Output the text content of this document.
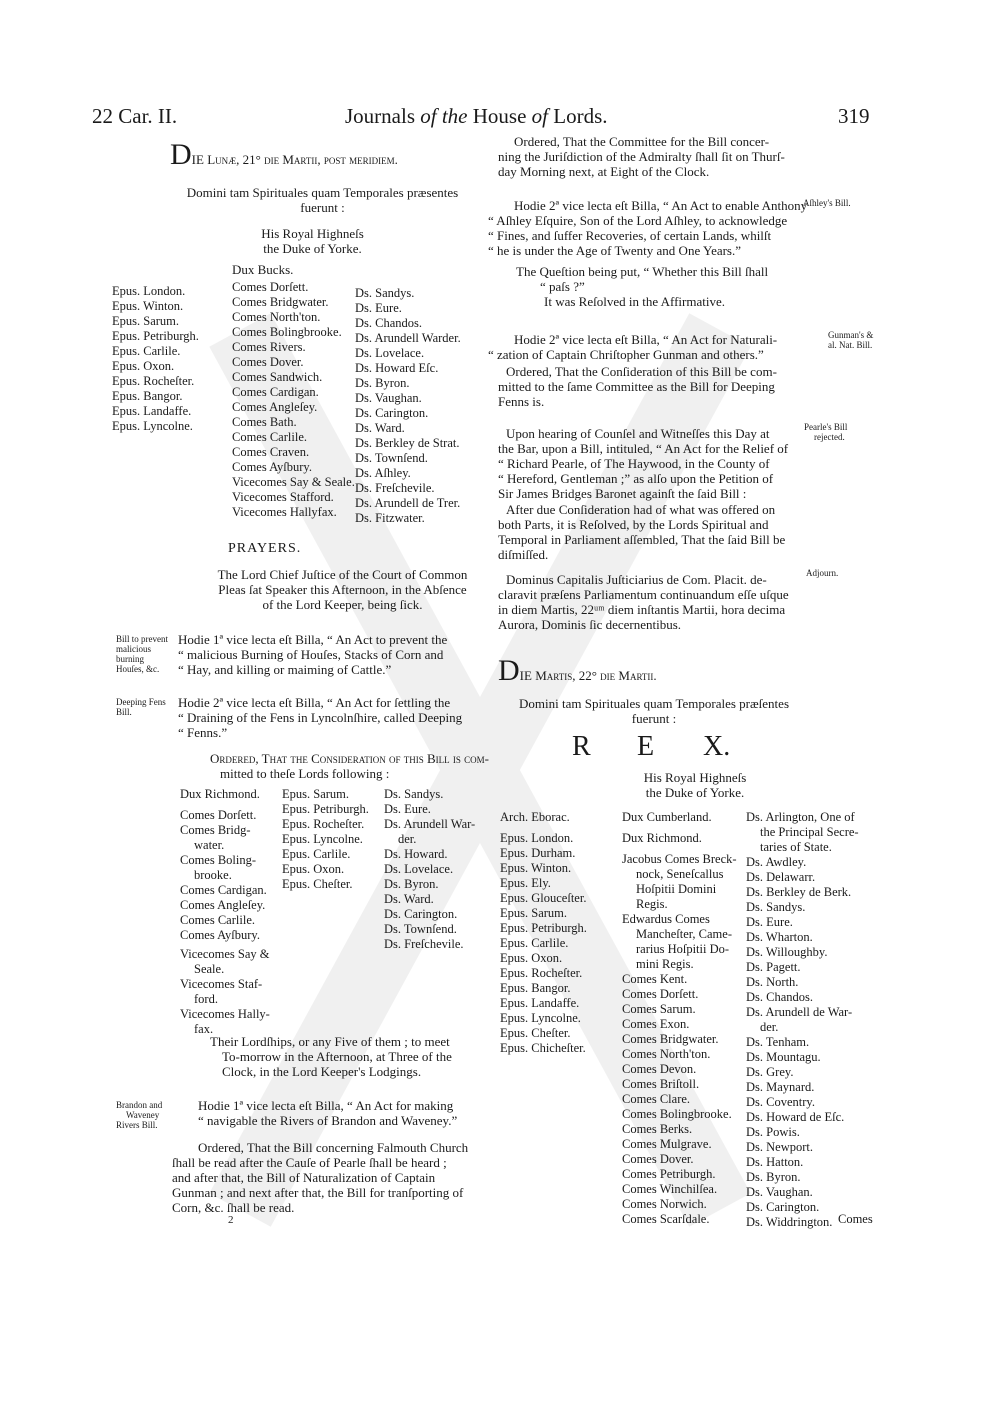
22 Car. II.	Journals of the House of Lords.	319
DIE Lunæ, 21° die Martii, post meridiem.
Domini tam Spirituales quam Temporales præsentes
fuerunt :
His Royal Highneſs
the Duke of Yorke.
Dux Bucks.
Epus. London.
Epus. Winton.
Epus. Sarum.
Epus. Petriburgh.
Epus. Carlile.
Epus. Oxon.
Epus. Rocheſter.
Epus. Bangor.
Epus. Landaffe.
Epus. Lyncolne.
Comes Dorſett.
Comes Bridgwater.
Comes North'ton.
Comes Bolingbrooke.
Comes Rivers.
Comes Dover.
Comes Sandwich.
Comes Cardigan.
Comes Angleſey.
Comes Bath.
Comes Carlile.
Comes Craven.
Comes Ayſbury.
Vicecomes Say & Seale.
Vicecomes Stafford.
Vicecomes Hallyfax.
Ds. Sandys.
Ds. Eure.
Ds. Chandos.
Ds. Arundell Warder.
Ds. Lovelace.
Ds. Howard Eſc.
Ds. Byron.
Ds. Vaughan.
Ds. Carington.
Ds. Ward.
Ds. Berkley de Strat.
Ds. Townſend.
Ds. Aſhley.
Ds. Freſchevile.
Ds. Arundell de Trer.
Ds. Fitzwater.
PRAYERS.
The Lord Chief Juſtice of the Court of Common
Pleas ſat Speaker this Afternoon, in the Abſence
of the Lord Keeper, being ſick.
Bill to prevent
malicious
burning
Houſes, &c.
Hodie 1ª vice lecta eſt Billa, “ An Act to prevent the
“ malicious Burning of Houſes, Stacks of Corn and
“ Hay, and killing or maiming of Cattle.”
Deeping Fens
Bill.
Hodie 2ª vice lecta eſt Billa, “ An Act for ſettling the
“ Draining of the Fens in Lyncolnſhire, called Deeping
“ Fenns.”
Ordered, That the Conſideration of this Bill is com-
mitted to theſe Lords following :
Dux Richmond.
Comes Dorſett.
Comes Bridg-
water.
Comes Boling-
brooke.
Comes Cardigan.
Comes Angleſey.
Comes Carlile.
Comes Ayſbury.
Vicecomes Say &
Seale.
Vicecomes Staf-
ford.
Vicecomes Hally-
fax.
Epus. Sarum.
Epus. Petriburgh.
Epus. Rocheſter.
Epus. Lyncolne.
Epus. Carlile.
Epus. Oxon.
Epus. Cheſter.
Ds. Sandys.
Ds. Eure.
Ds. Arundell War-
der.
Ds. Howard.
Ds. Lovelace.
Ds. Byron.
Ds. Ward.
Ds. Carington.
Ds. Townſend.
Ds. Freſchevile.
Their Lordſhips, or any Five of them ; to meet
To-morrow in the Afternoon, at Three of the
Clock, in the Lord Keeper's Lodgings.
Brandon and
Waveney
Rivers Bill.
Hodie 1ª vice lecta eſt Billa, “ An Act for making
“ navigable the Rivers of Brandon and Waveney.”
Ordered, That the Bill concerning Falmouth Church
ſhall be read after the Cauſe of Pearle ſhall be heard ;
and after that, the Bill of Naturalization of Captain
Gunman ; and next after that, the Bill for tranſporting of
Corn, &c. ſhall be read.
2
Ordered, That the Committee for the Bill concer-
ning the Juriſdiction of the Admiralty ſhall ſit on Thurſ-
day Morning next, at Eight of the Clock.
Aſhley's Bill.
Hodie 2ª vice lecta eſt Billa, “ An Act to enable Anthony
“ Aſhley Eſquire, Son of the Lord Aſhley, to acknowledge
“ Fines, and ſuffer Recoveries, of certain Lands, whilſt
“ he is under the Age of Twenty and One Years.”
The Queſtion being put, “ Whether this Bill ſhall
“ paſs ?”
It was Reſolved in the Affirmative.
Gunman's &
al. Nat. Bill.
Hodie 2ª vice lecta eſt Billa, “ An Act for Naturali-
“ zation of Captain Chriſtopher Gunman and others.”
Ordered, That the Conſideration of this Bill be com-
mitted to the ſame Committee as the Bill for Deeping
Fenns is.
Pearle's Bill
rejected.
Upon hearing of Counſel and Witneſſes this Day at
the Bar, upon a Bill, intituled, “ An Act for the Relief of
“ Richard Pearle, of The Haywood, in the County of
“ Hereford, Gentleman ;” as alſo upon the Petition of
Sir James Bridges Baronet againſt the ſaid Bill :
After due Conſideration had of what was offered on
both Parts, it is Reſolved, by the Lords Spiritual and
Temporal in Parliament aſſembled, That the ſaid Bill be
diſmiſſed.
Adjourn.
Dominus Capitalis Juſticiarius de Com. Placit. de-
claravit præſens Parliamentum continuandum eſſe uſque
in diem Martis, 22ᵘᵐ diem inſtantis Martii, hora decima
Aurora, Dominis ſic decernentibus.
DIE Martis, 22° die Martii.
Domini tam Spirituales quam Temporales præſentes
fuerunt :
R E X.
His Royal Highneſs
the Duke of Yorke.
Arch. Eborac.
Epus. London.
Epus. Durham.
Epus. Winton.
Epus. Ely.
Epus. Glouceſter.
Epus. Sarum.
Epus. Petriburgh.
Epus. Carlile.
Epus. Oxon.
Epus. Rocheſter.
Epus. Bangor.
Epus. Landaffe.
Epus. Lyncolne.
Epus. Cheſter.
Epus. Chicheſter.
Dux Cumberland.
Dux Richmond.
Jacobus Comes Breck-
nock, Seneſcallus
Hoſpitii Domini
Regis.
Edwardus Comes
Mancheſter, Came-
rarius Hoſpitii Do-
mini Regis.
Comes Kent.
Comes Dorſett.
Comes Sarum.
Comes Exon.
Comes Bridgwater.
Comes North'ton.
Comes Devon.
Comes Briſtoll.
Comes Clare.
Comes Bolingbrooke.
Comes Berks.
Comes Mulgrave.
Comes Dover.
Comes Petriburgh.
Comes Winchilſea.
Comes Norwich.
Comes Scarſdale.
Ds. Arlington, One of
the Principal Secre-
taries of State.
Ds. Awdley.
Ds. Delawarr.
Ds. Berkley de Berk.
Ds. Sandys.
Ds. Eure.
Ds. Wharton.
Ds. Willoughby.
Ds. Pagett.
Ds. North.
Ds. Chandos.
Ds. Arundell de War-
der.
Ds. Tenham.
Ds. Mountagu.
Ds. Grey.
Ds. Maynard.
Ds. Coventry.
Ds. Howard de Eſc.
Ds. Powis.
Ds. Newport.
Ds. Hatton.
Ds. Byron.
Ds. Vaughan.
Ds. Carington.
Ds. Widdrington. Comes
